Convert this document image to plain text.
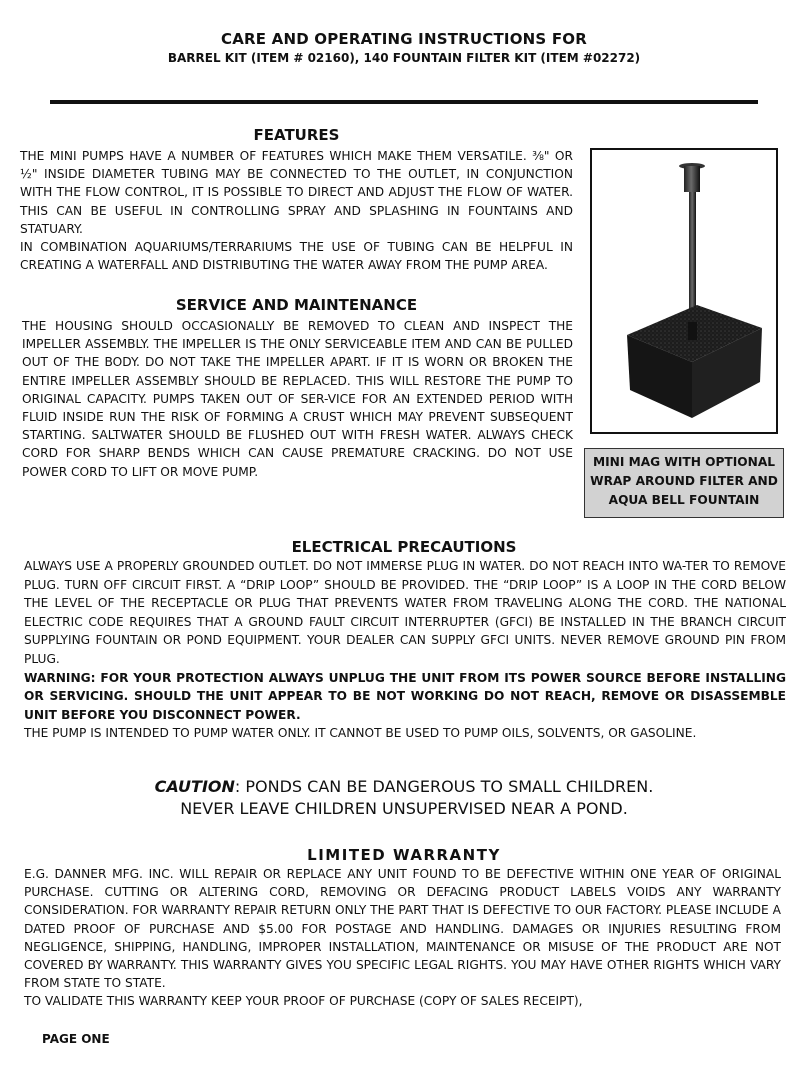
CARE AND OPERATING INSTRUCTIONS FOR
BARREL KIT (ITEM # 02160), 140 FOUNTAIN FILTER KIT (ITEM #02272)
FEATURES

THE MINI PUMPS HAVE A NUMBER OF FEATURES WHICH MAKE THEM VERSATILE. ⅜" OR ½" INSIDE DIAMETER TUBING MAY BE CONNECTED TO THE OUTLET, IN CONJUNCTION WITH THE FLOW CONTROL, IT IS POSSIBLE TO DIRECT AND ADJUST THE FLOW OF WATER. THIS CAN BE USEFUL IN CONTROLLING SPRAY AND SPLASHING IN FOUNTAINS AND STATUARY.

IN COMBINATION AQUARIUMS/TERRARIUMS THE USE OF TUBING CAN BE HELPFUL IN CREATING A WATERFALL AND DISTRIBUTING THE WATER AWAY FROM THE PUMP AREA.

SERVICE AND MAINTENANCE

THE HOUSING SHOULD OCCASIONALLY BE REMOVED TO CLEAN AND INSPECT THE IMPELLER ASSEMBLY. THE IMPELLER IS THE ONLY SERVICEABLE ITEM AND CAN BE PULLED OUT OF THE BODY. DO NOT TAKE THE IMPELLER APART. IF IT IS WORN OR BROKEN THE ENTIRE IMPELLER ASSEMBLY SHOULD BE REPLACED. THIS WILL RESTORE THE PUMP TO ORIGINAL CAPACITY. PUMPS TAKEN OUT OF SER-VICE FOR AN EXTENDED PERIOD WITH FLUID INSIDE RUN THE RISK OF FORMING A CRUST WHICH MAY PREVENT SUBSEQUENT STARTING. SALTWATER SHOULD BE FLUSHED OUT WITH FRESH WATER. ALWAYS CHECK CORD FOR SHARP BENDS WHICH CAN CAUSE PREMATURE CRACKING. DO NOT USE POWER CORD TO LIFT OR MOVE PUMP.

MINI MAG WITH OPTIONAL WRAP AROUND FILTER AND AQUA BELL FOUNTAIN
ELECTRICAL PRECAUTIONS

ALWAYS USE A PROPERLY GROUNDED OUTLET. DO NOT IMMERSE PLUG IN WATER. DO NOT REACH INTO WA-TER TO REMOVE PLUG. TURN OFF CIRCUIT FIRST. A “DRIP LOOP” SHOULD BE PROVIDED. THE “DRIP LOOP” IS A LOOP IN THE CORD BELOW THE LEVEL OF THE RECEPTACLE OR PLUG THAT PREVENTS WATER FROM TRAVELING ALONG THE CORD. THE NATIONAL ELECTRIC CODE REQUIRES THAT A GROUND FAULT CIRCUIT INTERRUPTER (GFCI) BE INSTALLED IN THE BRANCH CIRCUIT SUPPLYING FOUNTAIN OR POND EQUIPMENT. YOUR DEALER CAN SUPPLY GFCI UNITS. NEVER REMOVE GROUND PIN FROM PLUG.

WARNING: FOR YOUR PROTECTION ALWAYS UNPLUG THE UNIT FROM ITS POWER SOURCE BEFORE INSTALLING OR SERVICING. SHOULD THE UNIT APPEAR TO BE NOT WORKING DO NOT REACH, REMOVE OR DISASSEMBLE UNIT BEFORE YOU DISCONNECT POWER.

THE PUMP IS INTENDED TO PUMP WATER ONLY. IT CANNOT BE USED TO PUMP OILS, SOLVENTS, OR GASOLINE.

CAUTION: PONDS CAN BE DANGEROUS TO SMALL CHILDREN.
NEVER LEAVE CHILDREN UNSUPERVISED NEAR A POND.
LIMITED WARRANTY

E.G. DANNER MFG. INC. WILL REPAIR OR REPLACE ANY UNIT FOUND TO BE DEFECTIVE WITHIN ONE YEAR OF ORIGINAL PURCHASE. CUTTING OR ALTERING CORD, REMOVING OR DEFACING PRODUCT LABELS VOIDS ANY WARRANTY CONSIDERATION. FOR WARRANTY REPAIR RETURN ONLY THE PART THAT IS DEFECTIVE TO OUR FACTORY. PLEASE INCLUDE A DATED PROOF OF PURCHASE AND $5.00 FOR POSTAGE AND HANDLING. DAMAGES OR INJURIES RESULTING FROM NEGLIGENCE, SHIPPING, HANDLING, IMPROPER INSTALLATION, MAINTENANCE OR MISUSE OF THE PRODUCT ARE NOT COVERED BY WARRANTY. THIS WARRANTY GIVES YOU SPECIFIC LEGAL RIGHTS. YOU MAY HAVE OTHER RIGHTS WHICH VARY FROM STATE TO STATE.

TO VALIDATE THIS WARRANTY KEEP YOUR PROOF OF PURCHASE (COPY OF SALES RECEIPT),

PAGE ONE
